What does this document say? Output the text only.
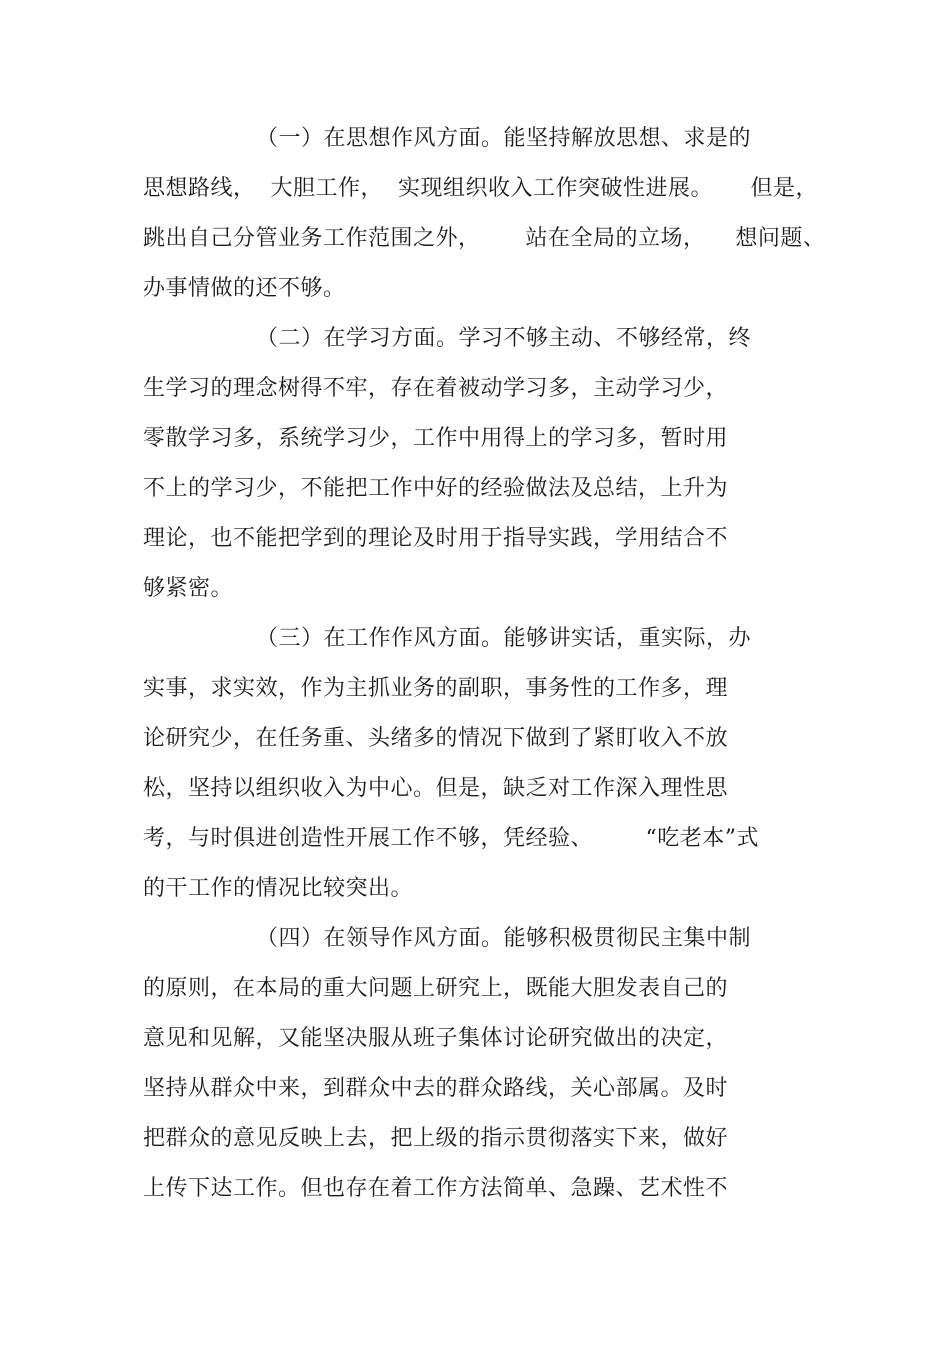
（一）在思想作风方面。能坚持解放思想、求是的
思想路线，  大胆工作，  实现组织收入工作突破性进展。     但是，
跳出自己分管业务工作范围之外，      站在全局的立场，    想问题、
办事情做的还不够。
（二）在学习方面。学习不够主动、不够经常，终
生学习的理念树得不牢，存在着被动学习多，主动学习少，
零散学习多，系统学习少，工作中用得上的学习多，暂时用
不上的学习少，不能把工作中好的经验做法及总结，上升为
理论，也不能把学到的理论及时用于指导实践，学用结合不
够紧密。
（三）在工作作风方面。能够讲实话，重实际，办
实事，求实效，作为主抓业务的副职，事务性的工作多，理
论研究少，在任务重、头绪多的情况下做到了紧盯收入不放
松，坚持以组织收入为中心。但是，缺乏对工作深入理性思
考，与时俱进创造性开展工作不够，凭经验、       “吃老本”式
的干工作的情况比较突出。
（四）在领导作风方面。能够积极贯彻民主集中制
的原则，在本局的重大问题上研究上，既能大胆发表自己的
意见和见解，又能坚决服从班子集体讨论研究做出的决定，
坚持从群众中来，到群众中去的群众路线，关心部属。及时
把群众的意见反映上去，把上级的指示贯彻落实下来，做好
上传下达工作。但也存在着工作方法简单、急躁、艺术性不
